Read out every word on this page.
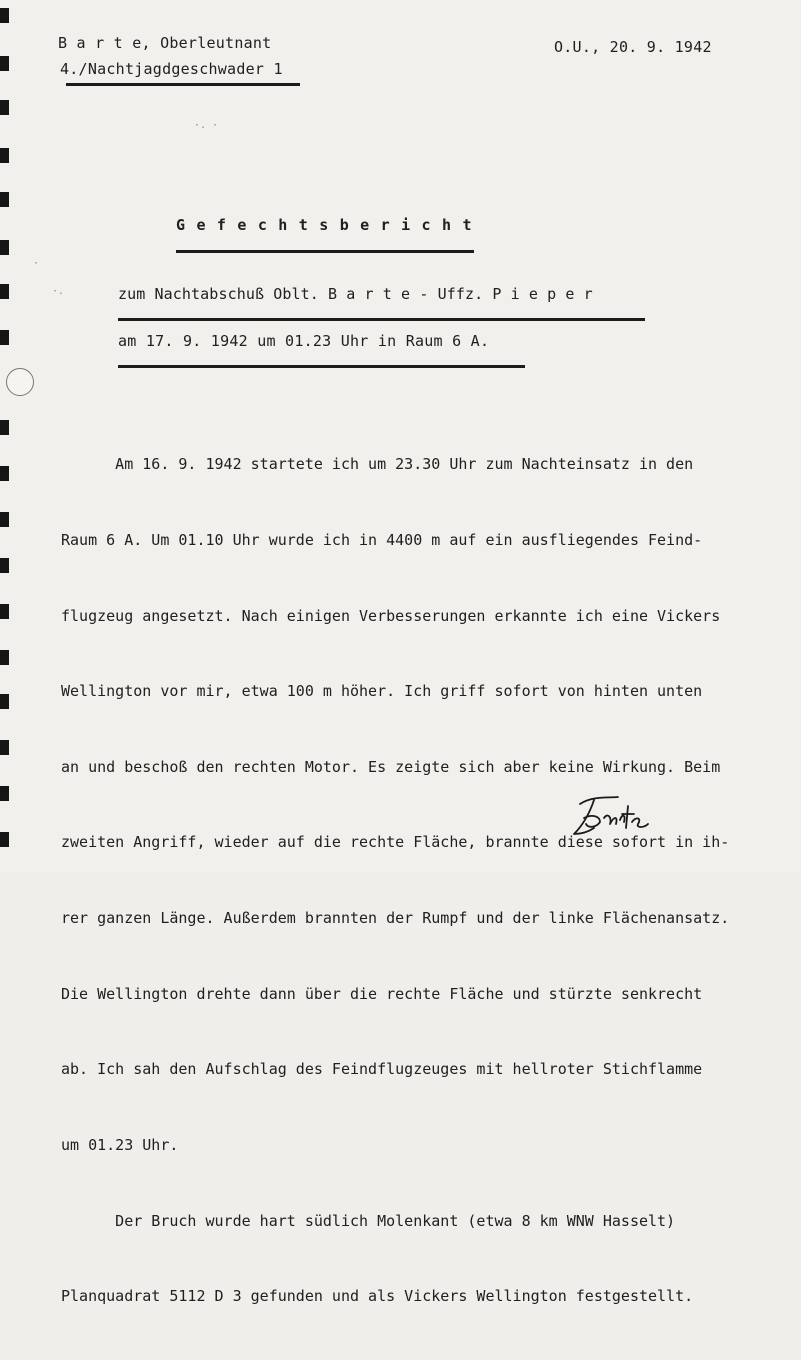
·. ·
·
·.
B a r t e, Oberleutnant
4./Nachtjagdgeschwader 1
O.U., 20. 9. 1942
G e f e c h t s b e r i c h t
zum Nachtabschuß Oblt. B a r t e - Uffz. P i e p e r
am 17. 9. 1942 um 01.23 Uhr in Raum 6 A.

Am 16. 9. 1942 startete ich um 23.30 Uhr zum Nachteinsatz in den

Raum 6 A. Um 01.10 Uhr wurde ich in 4400 m auf ein ausfliegendes Feind-

flugzeug angesetzt. Nach einigen Verbesserungen erkannte ich eine Vickers

Wellington vor mir, etwa 100 m höher. Ich griff sofort von hinten unten

an und beschoß den rechten Motor. Es zeigte sich aber keine Wirkung. Beim

zweiten Angriff, wieder auf die rechte Fläche, brannte diese sofort in ih-

rer ganzen Länge. Außerdem brannten der Rumpf und der linke Flächenansatz.

Die Wellington drehte dann über die rechte Fläche und stürzte senkrecht

ab. Ich sah den Aufschlag des Feindflugzeuges mit hellroter Stichflamme

um 01.23 Uhr.

Der Bruch wurde hart südlich Molenkant (etwa 8 km WNW Hasselt)

Planquadrat 5112 D 3 gefunden und als Vickers Wellington festgestellt.
